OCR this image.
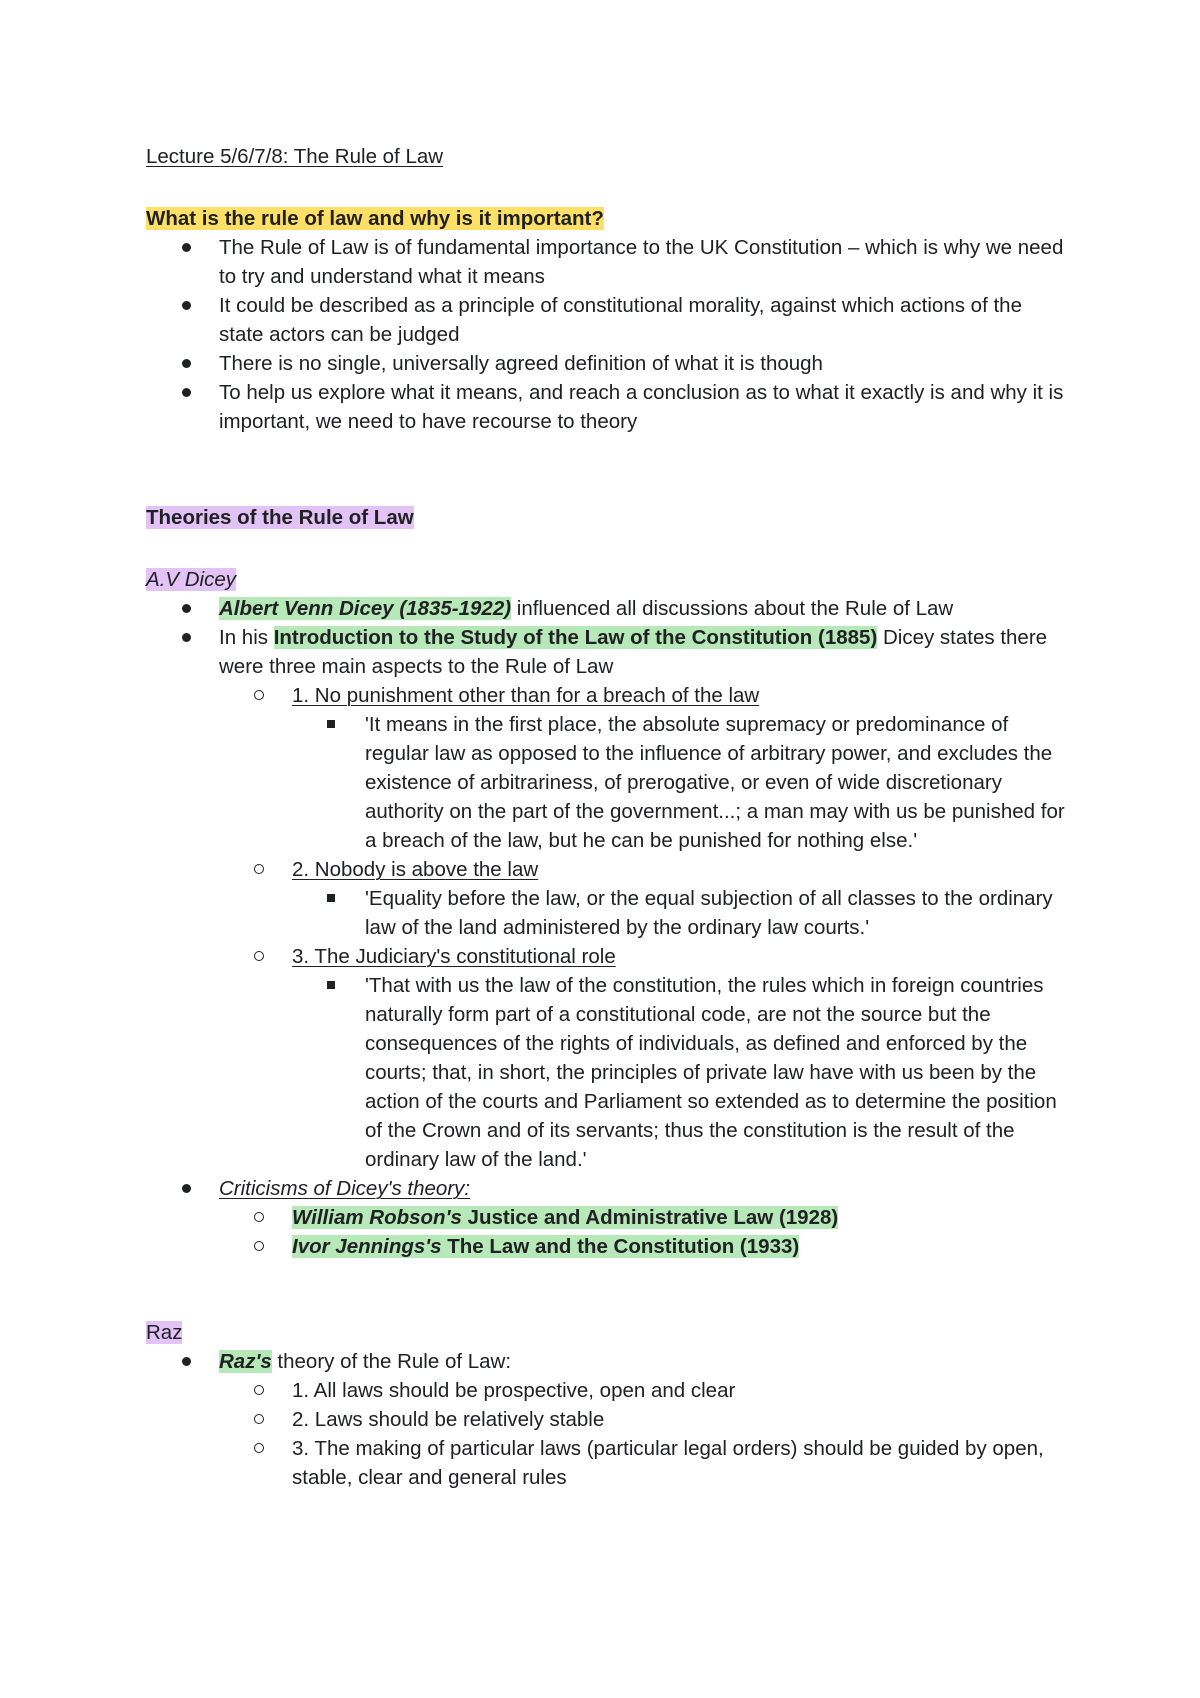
Lecture 5/6/7/8: The Rule of Law

What is the rule of law and why is it important?

The Rule of Law is of fundamental importance to the UK Constitution – which is why we need to try and understand what it means
It could be described as a principle of constitutional morality, against which actions of the state actors can be judged
There is no single, universally agreed definition of what it is though
To help us explore what it means, and reach a conclusion as to what it exactly is and why it is important, we need to have recourse to theory

Theories of the Rule of Law

A.V Dicey

Albert Venn Dicey (1835-1922) influenced all discussions about the Rule of Law
In his Introduction to the Study of the Law of the Constitution (1885) Dicey states there were three main aspects to the Rule of Law
1. No punishment other than for a breach of the law
'It means in the first place, the absolute supremacy or predominance of regular law as opposed to the influence of arbitrary power, and excludes the existence of arbitrariness, of prerogative, or even of wide discretionary authority on the part of the government...; a man may with us be punished for a breach of the law, but he can be punished for nothing else.'
2. Nobody is above the law
'Equality before the law, or the equal subjection of all classes to the ordinary law of the land administered by the ordinary law courts.'
3. The Judiciary's constitutional role
'That with us the law of the constitution, the rules which in foreign countries naturally form part of a constitutional code, are not the source but the consequences of the rights of individuals, as defined and enforced by the courts; that, in short, the principles of private law have with us been by the action of the courts and Parliament so extended as to determine the position of the Crown and of its servants; thus the constitution is the result of the ordinary law of the land.'
Criticisms of Dicey's theory:
William Robson's Justice and Administrative Law (1928)
Ivor Jennings's The Law and the Constitution (1933)

Raz

Raz's theory of the Rule of Law:
1. All laws should be prospective, open and clear
2. Laws should be relatively stable
3. The making of particular laws (particular legal orders) should be guided by open, stable, clear and general rules
